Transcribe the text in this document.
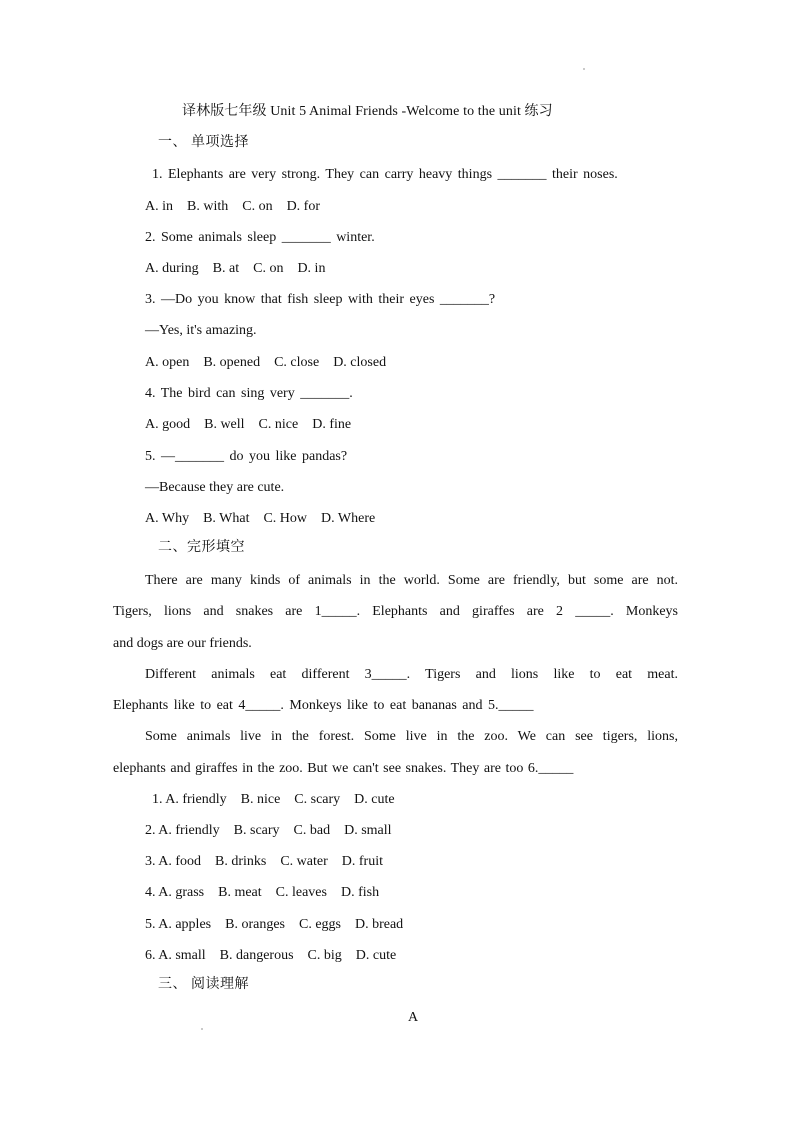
译林版七年级 Unit 5 Animal Friends -Welcome to the unit 练习
一、 单项选择
1. Elephants are very strong. They can carry heavy things _______ their noses.
A. in    B. with    C. on    D. for
2. Some animals sleep _______ winter.
A. during    B. at    C. on    D. in
3. —Do you know that fish sleep with their eyes _______?
—Yes, it's amazing.
A. open    B. opened    C. close    D. closed
4. The bird can sing very _______.
A. good    B. well    C. nice    D. fine
5. —_______ do you like pandas?
—Because they are cute.
A. Why    B. What    C. How    D. Where
二、完形填空
There are many kinds of animals in the world. Some are friendly, but some are not.
Tigers, lions and snakes are 1_____. Elephants and giraffes are 2 _____. Monkeys
and dogs are our friends.
Different animals eat different 3_____. Tigers and lions like to eat meat.
Elephants like to eat 4_____. Monkeys like to eat bananas and 5._____
Some animals live in the forest. Some live in the zoo. We can see tigers, lions,
elephants and giraffes in the zoo. But we can't see snakes. They are too 6._____
1. A. friendly    B. nice    C. scary    D. cute
2. A. friendly    B. scary    C. bad    D. small
3. A. food    B. drinks    C. water    D. fruit
4. A. grass    B. meat    C. leaves    D. fish
5. A. apples    B. oranges    C. eggs    D. bread
6. A. small    B. dangerous    C. big    D. cute
三、 阅读理解
A
